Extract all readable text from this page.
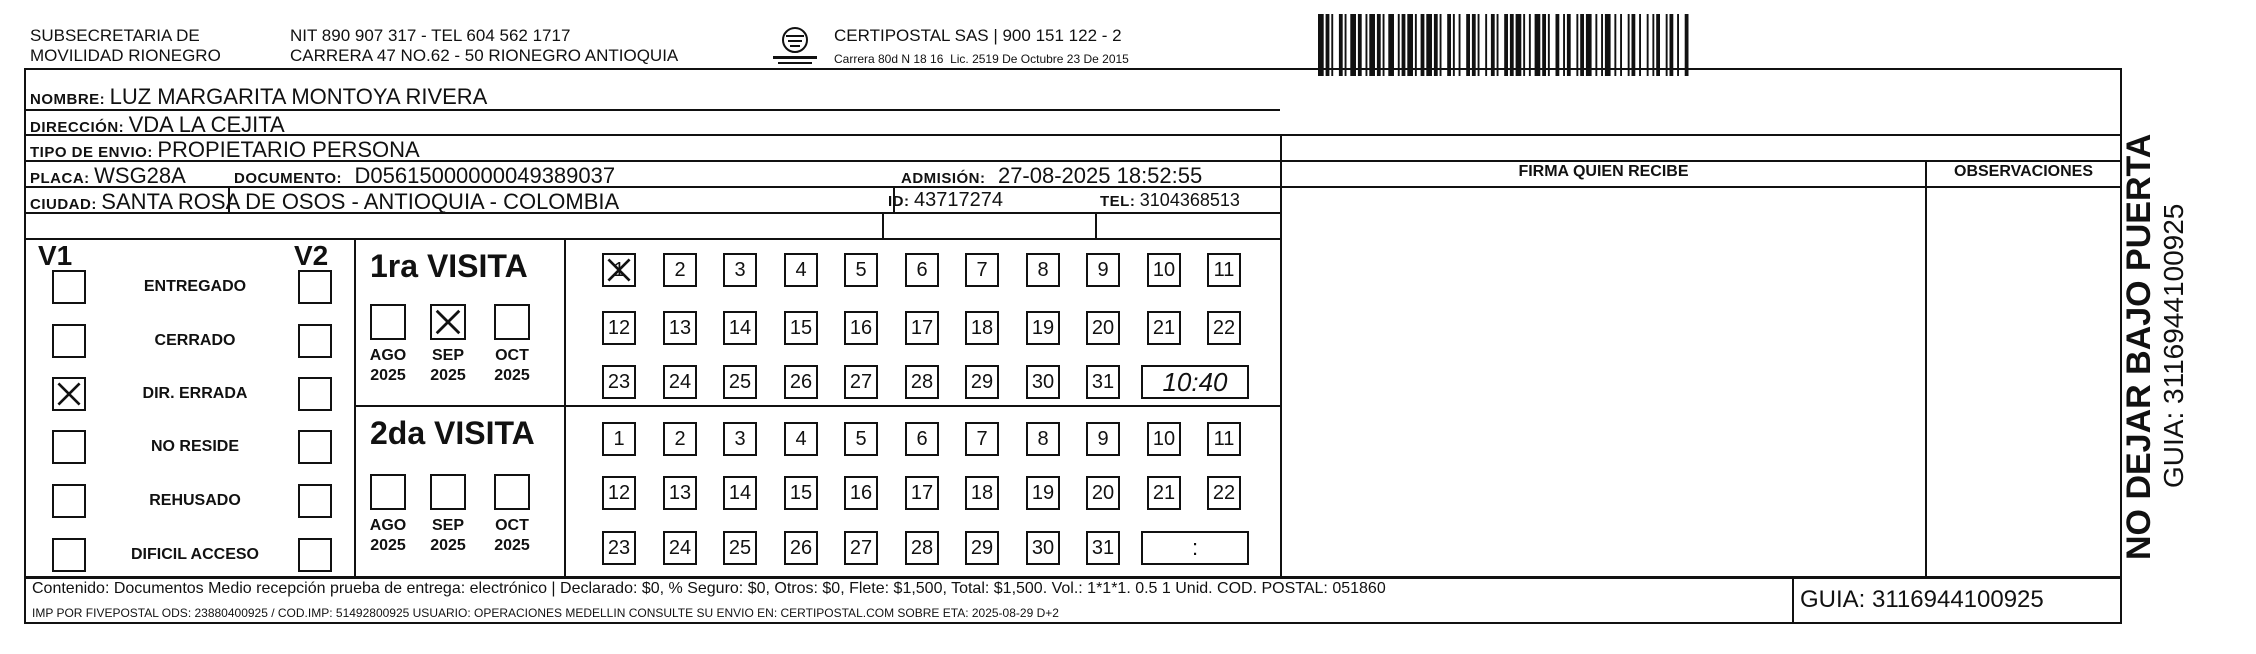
SUBSECRETARIA DE
MOVILIDAD RIONEGRO
NIT 890 907 317 - TEL 604 562 1717
CARRERA 47 NO.62 - 50 RIONEGRO ANTIOQUIA
CERTIPOSTAL SAS | 900 151 122 - 2
Carrera 80d N 18 16  Lic. 2519 De Octubre 23 De 2015
NOMBRE: LUZ MARGARITA MONTOYA RIVERA
DIRECCIÓN: VDA LA CEJITA
TIPO DE ENVIO: PROPIETARIO PERSONA
PLACA: WSG28A	DOCUMENTO: D05615000000049389037	ADMISIÓN: 27-08-2025 18:52:55
CIUDAD: SANTA ROSA DE OSOS - ANTIOQUIA - COLOMBIA	ID: 43717274	TEL: 3104368513
FIRMA QUIEN RECIBE	OBSERVACIONES
V1	V2
ENTREGADO
CERRADO
DIR. ERRADA
NO RESIDE
REHUSADO
DIFICIL ACCESO
1ra VISITA
2da VISITA
AGO
2025
SEP
2025
OCT
2025
AGO
2025
SEP
2025
OCT
2025
1	2	3	4	5	6	7	8	9	10	11
12 13 14 15 16 17 18 19 20 21 22
23 24 25 26 27 28 29 30 31	10:40
1	2	3	4	5	6	7	8	9	10	11
12 13 14 15 16 17 18 19 20 21 22
23 24 25 26 27 28 29 30 31	:
Contenido: Documentos Medio recepción prueba de entrega: electrónico | Declarado: $0, % Seguro: $0, Otros: $0, Flete: $1,500, Total: $1,500. Vol.: 1*1*1. 0.5 1 Unid. COD. POSTAL: 051860
IMP POR FIVEPOSTAL ODS: 23880400925 / COD.IMP: 51492800925 USUARIO: OPERACIONES MEDELLIN CONSULTE SU ENVIO EN: CERTIPOSTAL.COM SOBRE ETA: 2025-08-29 D+2	GUIA: 3116944100925
NO DEJAR BAJO PUERTA GUIA: 3116944100925
